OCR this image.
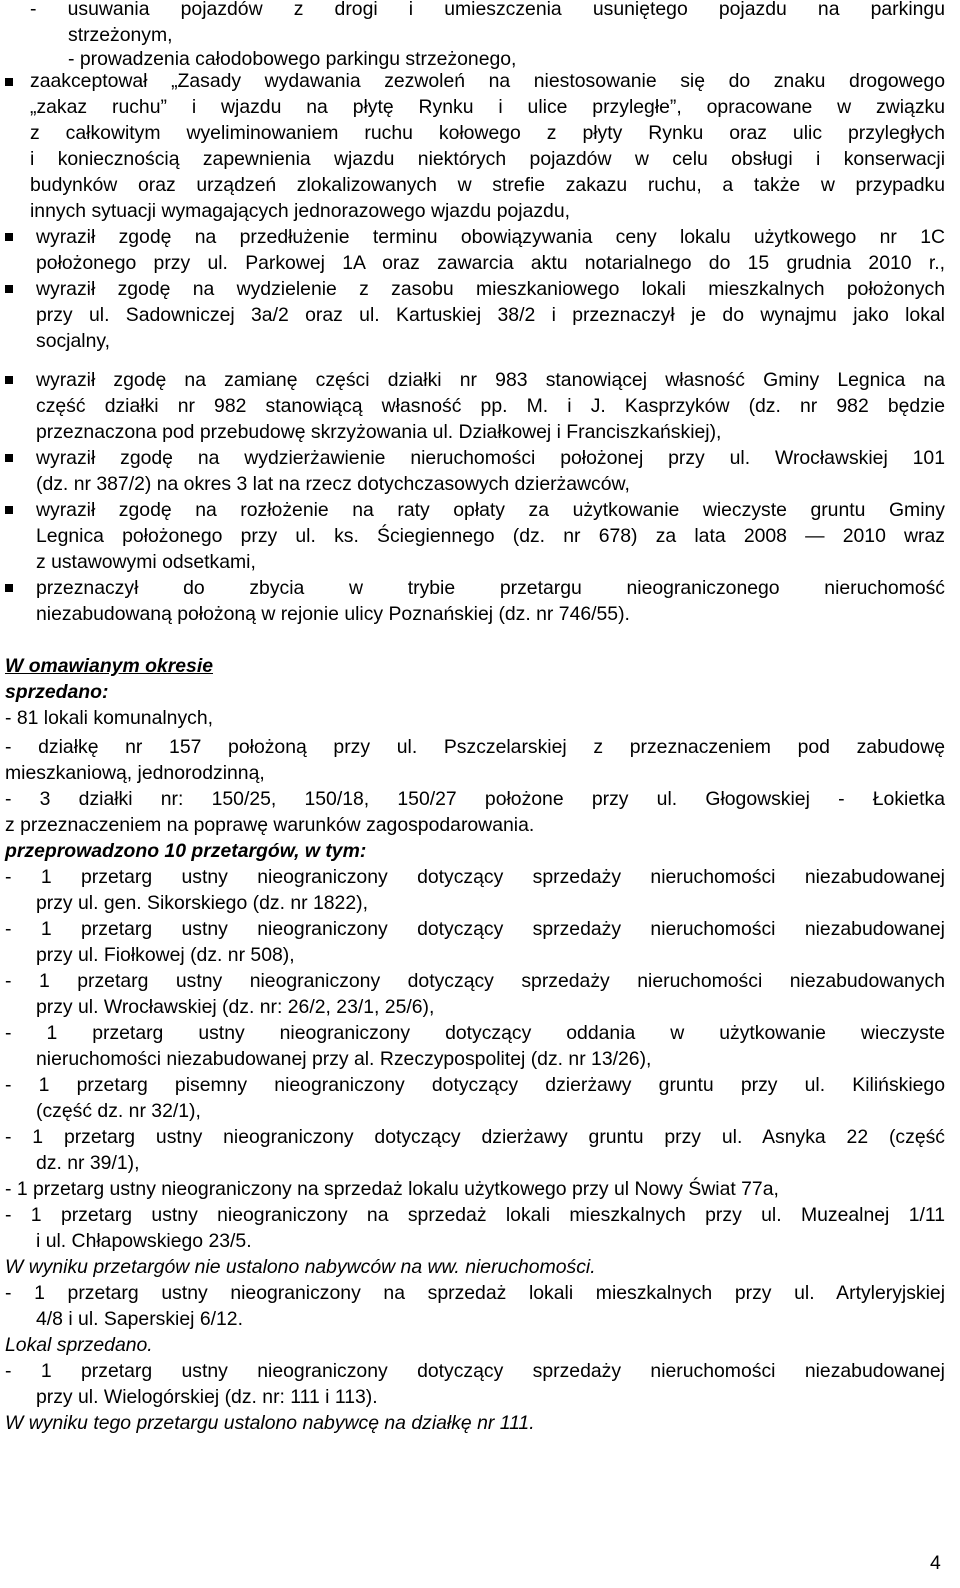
- usuwania pojazdów z drogi i umieszczenia usuniętego pojazdu na parkingu
strzeżonym,
- prowadzenia całodobowego parkingu strzeżonego,
zaakceptował „Zasady wydawania zezwoleń na niestosowanie się do znaku drogowego
„zakaz ruchu” i wjazdu na płytę Rynku i ulice przyległe”, opracowane w związku
z całkowitym wyeliminowaniem ruchu kołowego z płyty Rynku oraz ulic przyległych
i koniecznością zapewnienia wjazdu niektórych pojazdów w celu obsługi i konserwacji
budynków oraz urządzeń zlokalizowanych w strefie zakazu ruchu, a także w przypadku
innych sytuacji wymagających jednorazowego wjazdu pojazdu,
wyraził zgodę na przedłużenie terminu obowiązywania ceny lokalu użytkowego nr 1C
położonego przy ul. Parkowej 1A oraz zawarcia aktu notarialnego do 15 grudnia 2010 r.,
wyraził zgodę na wydzielenie z zasobu mieszkaniowego lokali mieszkalnych położonych
przy ul. Sadowniczej 3a/2 oraz ul. Kartuskiej 38/2 i przeznaczył je do wynajmu jako lokal
socjalny,
wyraził zgodę na zamianę części działki nr 983 stanowiącej własność Gminy Legnica na
część działki nr 982 stanowiącą własność pp. M. i J. Kasprzyków (dz. nr 982 będzie
przeznaczona pod przebudowę skrzyżowania ul. Działkowej i Franciszkańskiej),
wyraził zgodę na wydzierżawienie nieruchomości położonej przy ul. Wrocławskiej 101
(dz. nr 387/2) na okres 3 lat na rzecz dotychczasowych dzierżawców,
wyraził zgodę na rozłożenie na raty opłaty za użytkowanie wieczyste gruntu Gminy
Legnica położonego przy ul. ks. Ściegiennego (dz. nr 678) za lata 2008 — 2010 wraz
z ustawowymi odsetkami,
przeznaczył do zbycia w trybie przetargu nieograniczonego nieruchomość
niezabudowaną położoną w rejonie ulicy Poznańskiej (dz. nr 746/55).
W omawianym okresie
sprzedano:
- 81 lokali komunalnych,
- działkę nr 157 położoną przy ul. Pszczelarskiej z przeznaczeniem pod zabudowę
mieszkaniową, jednorodzinną,
- 3 działki nr: 150/25, 150/18, 150/27 położone przy ul. Głogowskiej - Łokietka
z przeznaczeniem na poprawę warunków zagospodarowania.
przeprowadzono 10 przetargów, w tym:
- 1 przetarg ustny nieograniczony dotyczący sprzedaży nieruchomości niezabudowanej
przy ul. gen. Sikorskiego (dz. nr 1822),
- 1 przetarg ustny nieograniczony dotyczący sprzedaży nieruchomości niezabudowanej
przy ul. Fiołkowej (dz. nr 508),
- 1 przetarg ustny nieograniczony dotyczący sprzedaży nieruchomości niezabudowanych
przy ul. Wrocławskiej (dz. nr: 26/2, 23/1, 25/6),
- 1 przetarg ustny nieograniczony dotyczący oddania w użytkowanie wieczyste
nieruchomości niezabudowanej przy al. Rzeczypospolitej (dz. nr 13/26),
- 1 przetarg pisemny nieograniczony dotyczący dzierżawy gruntu przy ul. Kilińskiego
(część dz. nr 32/1),
- 1 przetarg ustny nieograniczony dotyczący dzierżawy gruntu przy ul. Asnyka 22 (część
dz. nr 39/1),
- 1 przetarg ustny nieograniczony na sprzedaż lokalu użytkowego przy ul Nowy Świat 77a,
- 1 przetarg ustny nieograniczony na sprzedaż lokali mieszkalnych przy ul. Muzealnej 1/11
i ul. Chłapowskiego 23/5.
W wyniku przetargów nie ustalono nabywców na ww. nieruchomości.
- 1 przetarg ustny nieograniczony na sprzedaż lokali mieszkalnych przy ul. Artyleryjskiej
4/8 i ul. Saperskiej 6/12.
Lokal sprzedano.
- 1 przetarg ustny nieograniczony dotyczący sprzedaży nieruchomości niezabudowanej
przy ul. Wielogórskiej (dz. nr: 111 i 113).
W wyniku tego przetargu ustalono nabywcę na działkę nr 111.
4
